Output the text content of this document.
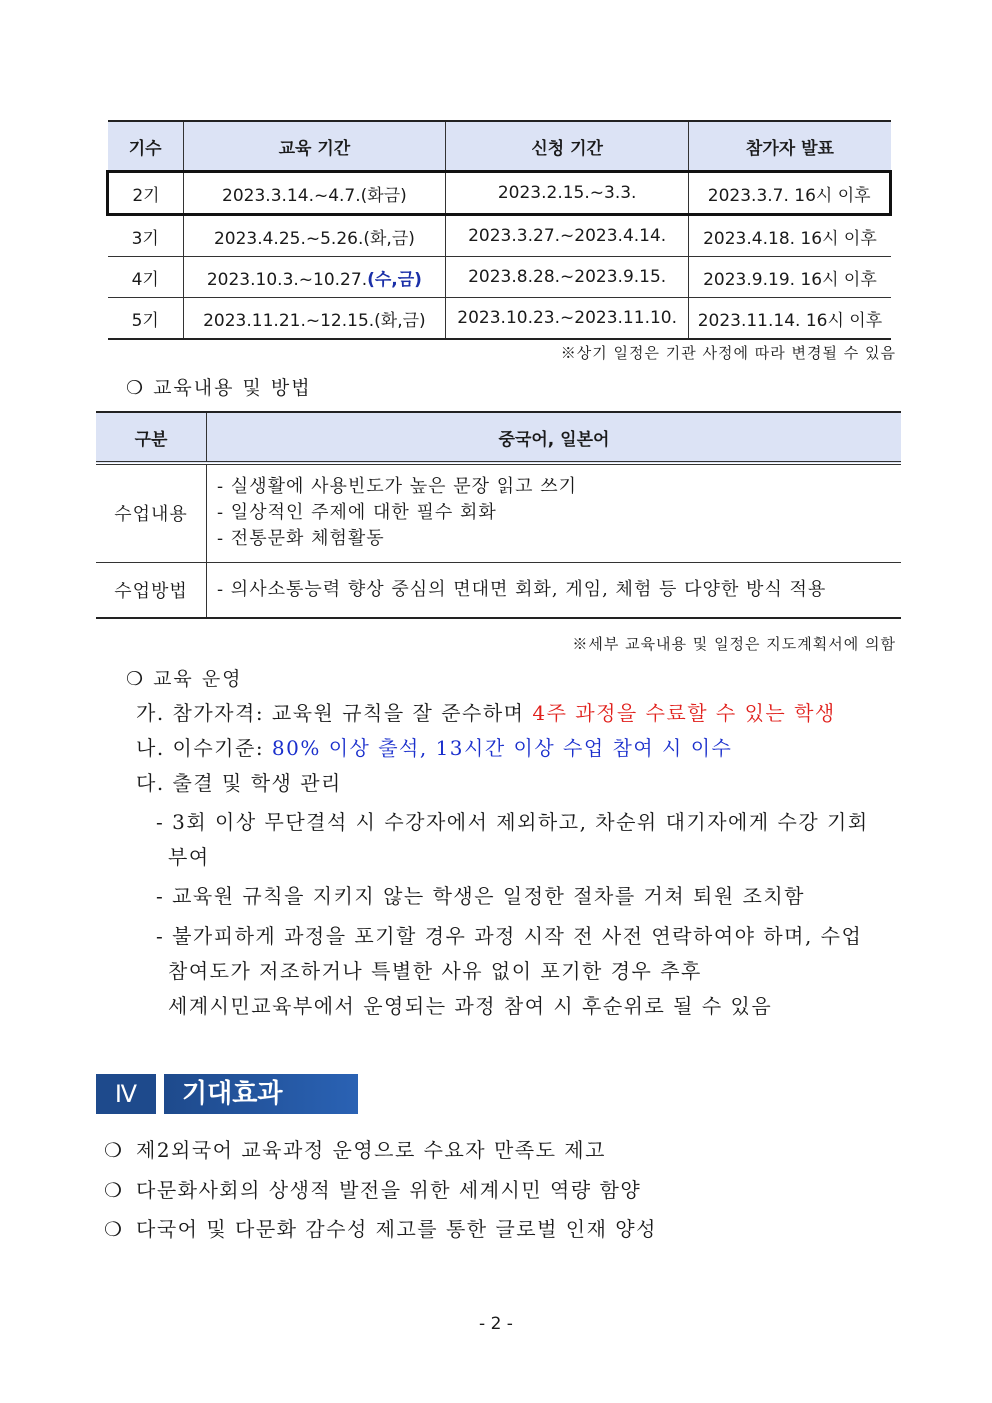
기수	교육 기간	신청 기간	참가자 발표
2기	2023.3.14.~4.7.(화금)	2023.2.15.~3.3.	2023.3.7. 16시 이후
3기	2023.4.25.~5.26.(화,금)	2023.3.27.~2023.4.14.	2023.4.18. 16시 이후
4기	2023.10.3.~10.27.(수,금)	2023.8.28.~2023.9.15.	2023.9.19. 16시 이후
5기	2023.11.21.~12.15.(화,금)	2023.10.23.~2023.11.10.	2023.11.14. 16시 이후
※상기 일정은 기관 사정에 따라 변경될 수 있음
❍ 교육내용 및 방법
구분	중국어, 일본어
수업내용	- 실생활에 사용빈도가 높은 문장 읽고 쓰기
- 일상적인 주제에 대한 필수 회화
- 전통문화 체험활동

수업방법	- 의사소통능력 향상 중심의 면대면 회화, 게임, 체험 등 다양한 방식 적용
※세부 교육내용 및 일정은 지도계획서에 의함
❍ 교육 운영
가. 참가자격: 교육원 규칙을 잘 준수하며 4주 과정을 수료할 수 있는 학생
나. 이수기준: 80% 이상 출석, 13시간 이상 수업 참여 시 이수
다. 출결 및 학생 관리
- 3회 이상 무단결석 시 수강자에서 제외하고, 차순위 대기자에게 수강 기회
부여
- 교육원 규칙을 지키지 않는 학생은 일정한 절차를 거쳐 퇴원 조치함
- 불가피하게 과정을 포기할 경우 과정 시작 전 사전 연락하여야 하며, 수업
참여도가 저조하거나 특별한 사유 없이 포기한 경우 추후
세계시민교육부에서 운영되는 과정 참여 시 후순위로 될 수 있음
Ⅳ	기대효과
❍ 제2외국어 교육과정 운영으로 수요자 만족도 제고
❍ 다문화사회의 상생적 발전을 위한 세계시민 역량 함양
❍ 다국어 및 다문화 감수성 제고를 통한 글로벌 인재 양성
- 2 -
